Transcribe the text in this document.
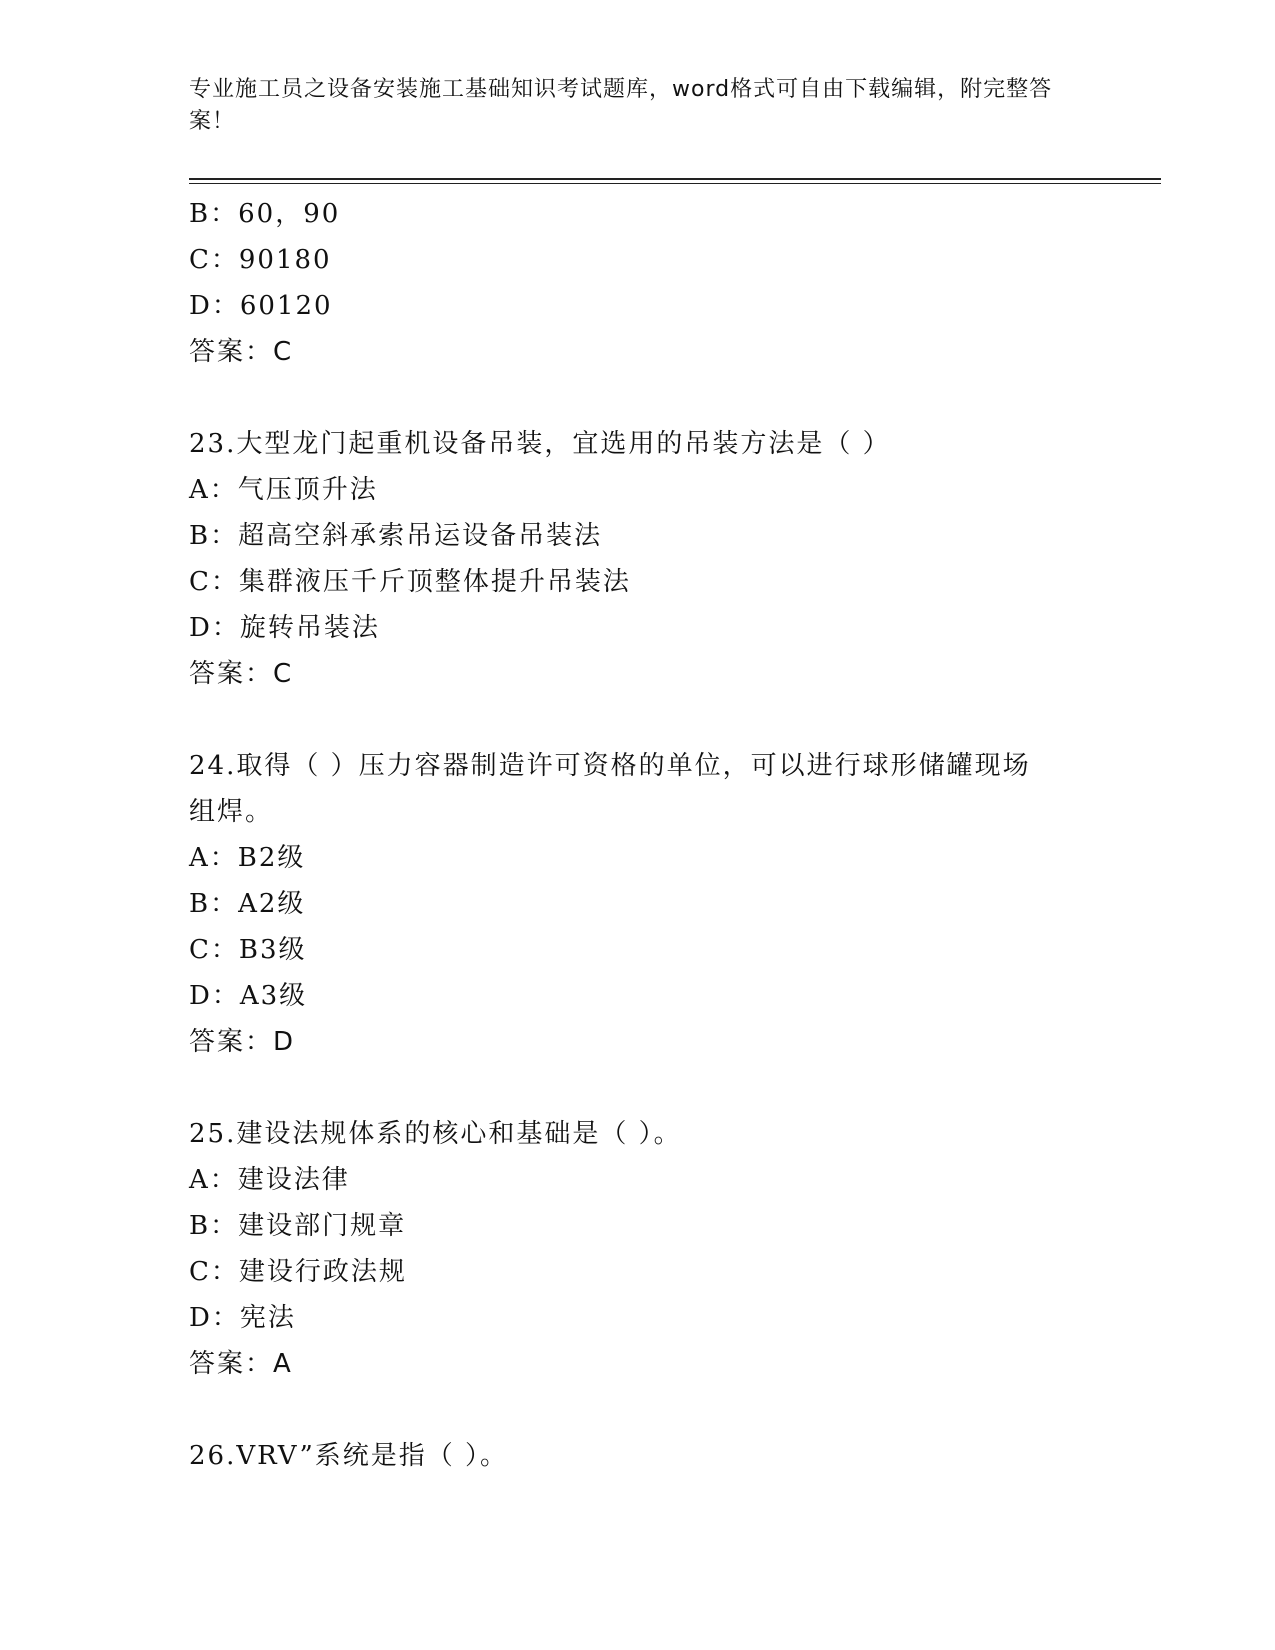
专业施工员之设备安装施工基础知识考试题库，word格式可自由下载编辑，附完整答案！
B：60，90
C：90180
D：60120
答案：C
23.大型龙门起重机设备吊装，宜选用的吊装方法是（ ）
A：气压顶升法
B：超高空斜承索吊运设备吊装法
C：集群液压千斤顶整体提升吊装法
D：旋转吊装法
答案：C
24.取得（ ）压力容器制造许可资格的单位，可以进行球形储罐现场
组焊。
A：B2级
B：A2级
C：B3级
D：A3级
答案：D
25.建设法规体系的核心和基础是（ ）。
A：建设法律
B：建设部门规章
C：建设行政法规
D：宪法
答案：A
26.VRV”系统是指（ ）。
